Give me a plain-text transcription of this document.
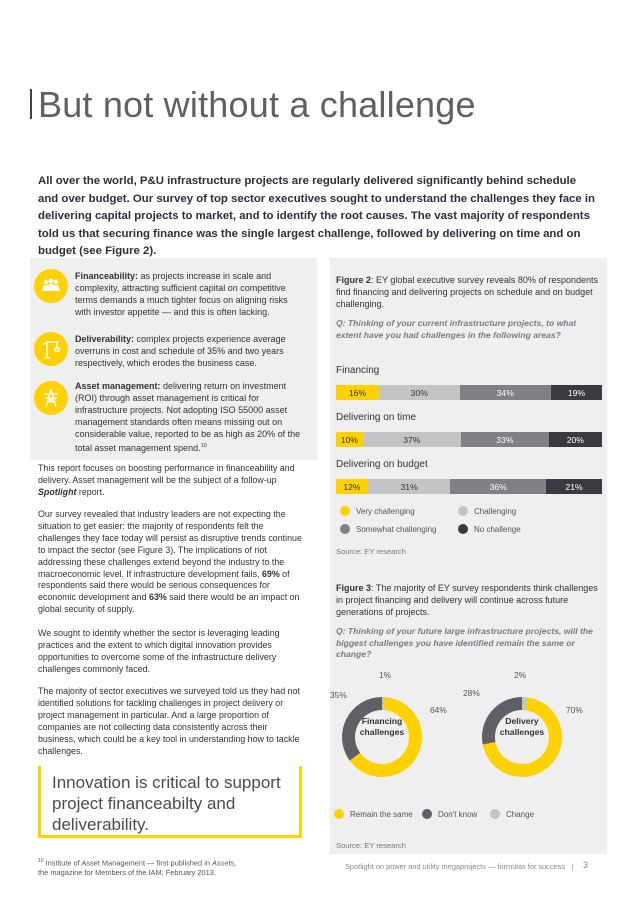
But not without a challenge
All over the world, P&U infrastructure projects are regularly delivered significantly behind schedule and over budget. Our survey of top sector executives sought to understand the challenges they face in delivering capital projects to market, and to identify the root causes. The vast majority of respondents told us that securing finance was the single largest challenge, followed by delivering on time and on budget (see Figure 2).
Financeability: as projects increase in scale and complexity, attracting sufficient capital on competitive terms demands a much tighter focus on aligning risks with investor appetite — and this is often lacking.
Deliverability: complex projects experience average overruns in cost and schedule of 35% and two years respectively, which erodes the business case.
Asset management: delivering return on investment (ROI) through asset management is critical for infrastructure projects. Not adopting ISO 55000 asset management standards often means missing out on considerable value, reported to be as high as 20% of the total asset management spend.$^{10}$

This report focuses on boosting performance in financeability and delivery. Asset management will be the subject of a follow-up Spotlight report.

Our survey revealed that industry leaders are not expecting the situation to get easier: the majority of respondents felt the challenges they face today will persist as disruptive trends continue to impact the sector (see Figure 3). The implications of not addressing these challenges extend beyond the industry to the macroeconomic level. If infrastructure development fails, 69% of respondents said there would be serious consequences for economic development and 63% said there would be an impact on global security of supply.

We sought to identify whether the sector is leveraging leading practices and the extent to which digital innovation provides opportunities to overcome some of the infrastructure delivery challenges commonly faced.

The majority of sector executives we surveyed told us they had not identified solutions for tackling challenges in project delivery or project management in particular. And a large proportion of companies are not collecting data consistently across their business, which could be a key tool in understanding how to tackle challenges.

Innovation is critical to support project financeabilty and deliverability.
$^{10}$ Institute of Asset Management — first published in Assets,
the magazine for Members of the IAM, February 2013.
Figure 2: EY global executive survey reveals 80% of respondents find financing and delivering projects on schedule and on budget challenging.
Q: Thinking of your current infrastructure projects, to what extent have you had challenges in the following areas?
Financing
Delivering on time
Delivering on budget
16%	30%	34%	19%
10%	37%	33%	20%
12%	31%	36%	21%
Very challenging	Challenging
Somewhat challenging	No challenge
Source: EY research
Figure 3: The majority of EY survey respondents think challenges in project financing and delivery will continue across future generations of projects.
Q: Thinking of your future large infrastructure projects, will the biggest challenges you have identified remain the same or change?
Financing
challenges
Delivery
challenges
1%
35%
64%
2%
28%
70%
Remain the same	Don't know	Change
Source: EY research
Spotlight on power and utility megaprojects — formulas for success | 3
